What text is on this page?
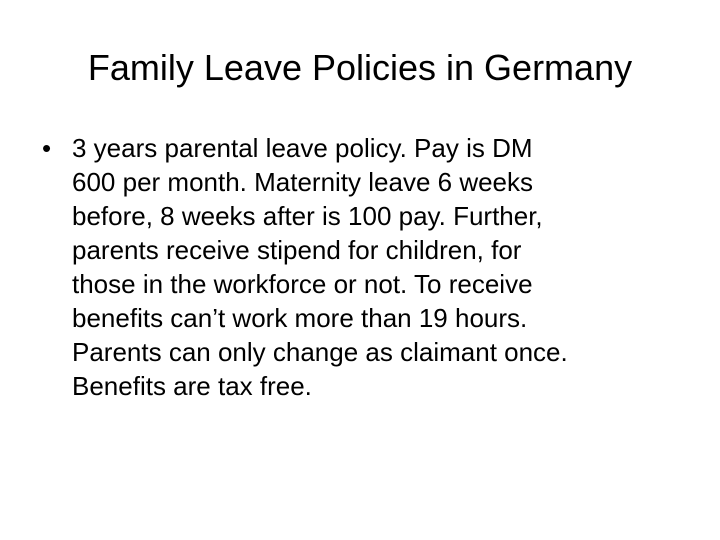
Family Leave Policies in Germany
• 3 years parental leave policy. Pay is DM
600 per month. Maternity leave 6 weeks
before, 8 weeks after is 100 pay. Further,
parents receive stipend for children, for
those in the workforce or not. To receive
benefits can’t work more than 19 hours.
Parents can only change as claimant once.
Benefits are tax free.
